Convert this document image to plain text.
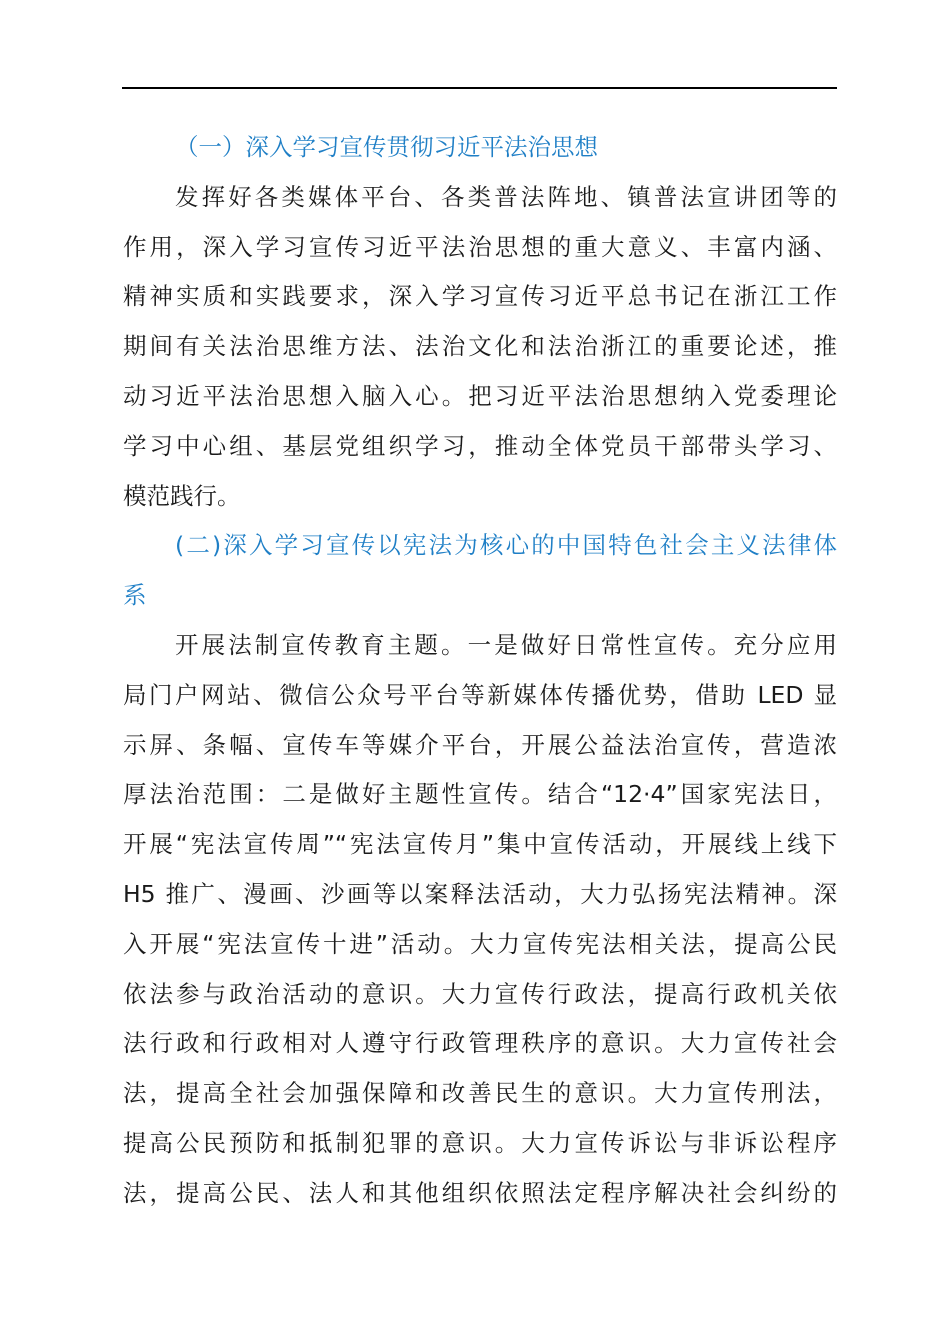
（一）深入学习宣传贯彻习近平法治思想
发挥好各类媒体平台、各类普法阵地、镇普法宣讲团等的
作用，深入学习宣传习近平法治思想的重大意义、丰富内涵、
精神实质和实践要求，深入学习宣传习近平总书记在浙江工作
期间有关法治思维方法、法治文化和法治浙江的重要论述，推
动习近平法治思想入脑入心。把习近平法治思想纳入党委理论
学习中心组、基层党组织学习，推动全体党员干部带头学习、
模范践行。
(二)深入学习宣传以宪法为核心的中国特色社会主义法律体
系
开展法制宣传教育主题。一是做好日常性宣传。充分应用
局门户网站、微信公众号平台等新媒体传播优势，借助 LED 显
示屏、条幅、宣传车等媒介平台，开展公益法治宣传，营造浓
厚法治范围：二是做好主题性宣传。结合“12·4”国家宪法日，
开展“宪法宣传周”“宪法宣传月”集中宣传活动，开展线上线下
H5 推广、漫画、沙画等以案释法活动，大力弘扬宪法精神。深
入开展“宪法宣传十进”活动。大力宣传宪法相关法，提高公民
依法参与政治活动的意识。大力宣传行政法，提高行政机关依
法行政和行政相对人遵守行政管理秩序的意识。大力宣传社会
法，提高全社会加强保障和改善民生的意识。大力宣传刑法，
提高公民预防和抵制犯罪的意识。大力宣传诉讼与非诉讼程序
法，提高公民、法人和其他组织依照法定程序解决社会纠纷的
